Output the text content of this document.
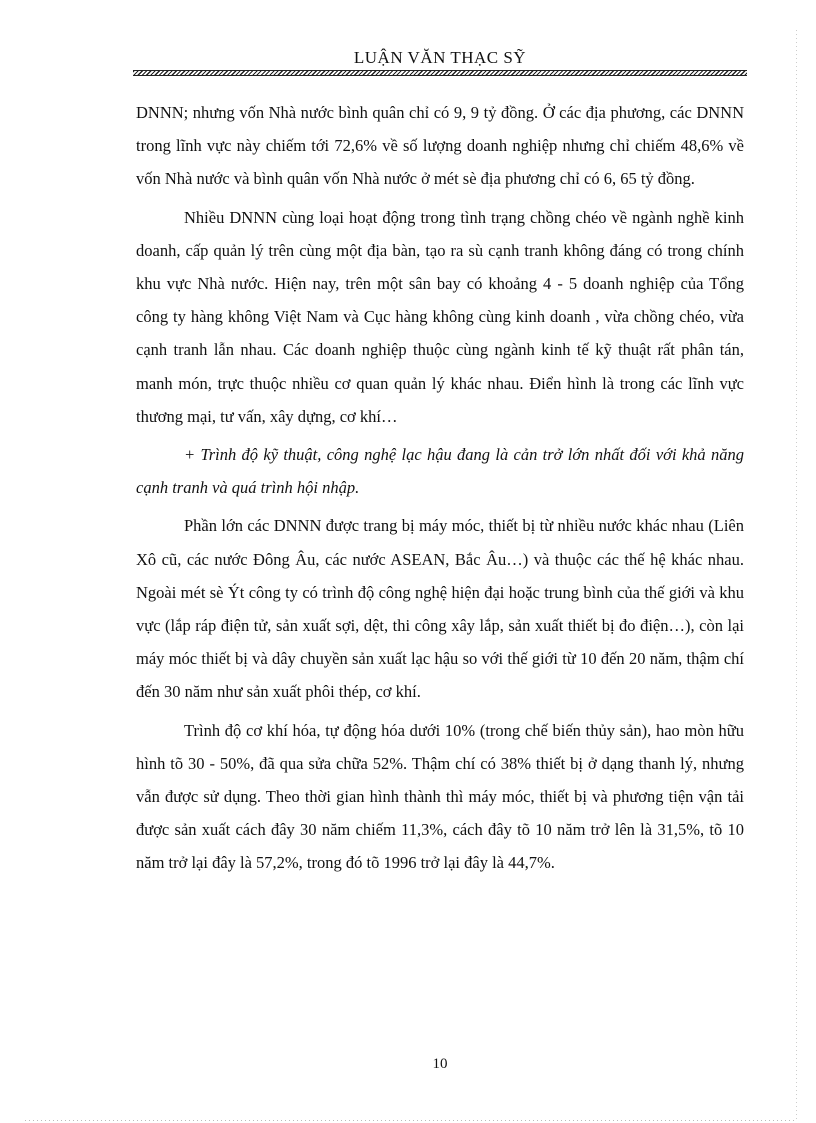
LUẬN VĂN THẠC SỸ

DNNN; nhưng vốn Nhà nước bình quân chỉ có 9, 9 tỷ đồng. Ở các địa phương, các DNNN trong lĩnh vực này chiếm tới 72,6% về số lượng doanh nghiệp nhưng chỉ chiếm 48,6% về vốn Nhà nước và bình quân vốn Nhà nước ở mét sè địa phương chỉ có 6, 65 tỷ đồng.

Nhiều DNNN cùng loại hoạt động trong tình trạng chồng chéo về ngành nghề kinh doanh, cấp quản lý trên cùng một địa bàn, tạo ra sù cạnh tranh không đáng có trong chính khu vực Nhà nước. Hiện nay, trên một sân bay có khoảng 4 - 5 doanh nghiệp của Tổng công ty hàng không Việt Nam và Cục hàng không cùng kinh doanh , vừa chồng chéo, vừa cạnh tranh lẫn nhau. Các doanh nghiệp thuộc cùng ngành kinh tế kỹ thuật rất phân tán, manh món, trực thuộc nhiều cơ quan quản lý khác nhau. Điển hình là trong các lĩnh vực thương mại, tư vấn, xây dựng, cơ khí…

+ Trình độ kỹ thuật, công nghệ lạc hậu đang là cản trở lớn nhất đối với khả năng cạnh tranh và quá trình hội nhập.

Phần lớn các DNNN được trang bị máy móc, thiết bị từ nhiều nước khác nhau (Liên Xô cũ, các nước Đông Âu, các nước ASEAN, Bắc Âu…) và thuộc các thế hệ khác nhau. Ngoài mét sè Ýt công ty có trình độ công nghệ hiện đại hoặc trung bình của thế giới và khu vực (lắp ráp điện tử, sản xuất sợi, dệt, thi công xây lắp, sản xuất thiết bị đo điện…), còn lại máy móc thiết bị và dây chuyền sản xuất lạc hậu so với thế giới từ 10 đến 20 năm, thậm chí đến 30 năm như sản xuất phôi thép, cơ khí.

Trình độ cơ khí hóa, tự động hóa dưới 10% (trong chế biến thủy sản), hao mòn hữu hình tõ 30 - 50%, đã qua sửa chữa 52%. Thậm chí có 38% thiết bị ở dạng thanh lý, nhưng vẫn được sử dụng. Theo thời gian hình thành thì máy móc, thiết bị và phương tiện vận tải được sản xuất cách đây 30 năm chiếm 11,3%, cách đây tõ 10 năm trở lên là 31,5%, tõ 10 năm trở lại đây là 57,2%, trong đó tõ 1996 trở lại đây là 44,7%.

10
